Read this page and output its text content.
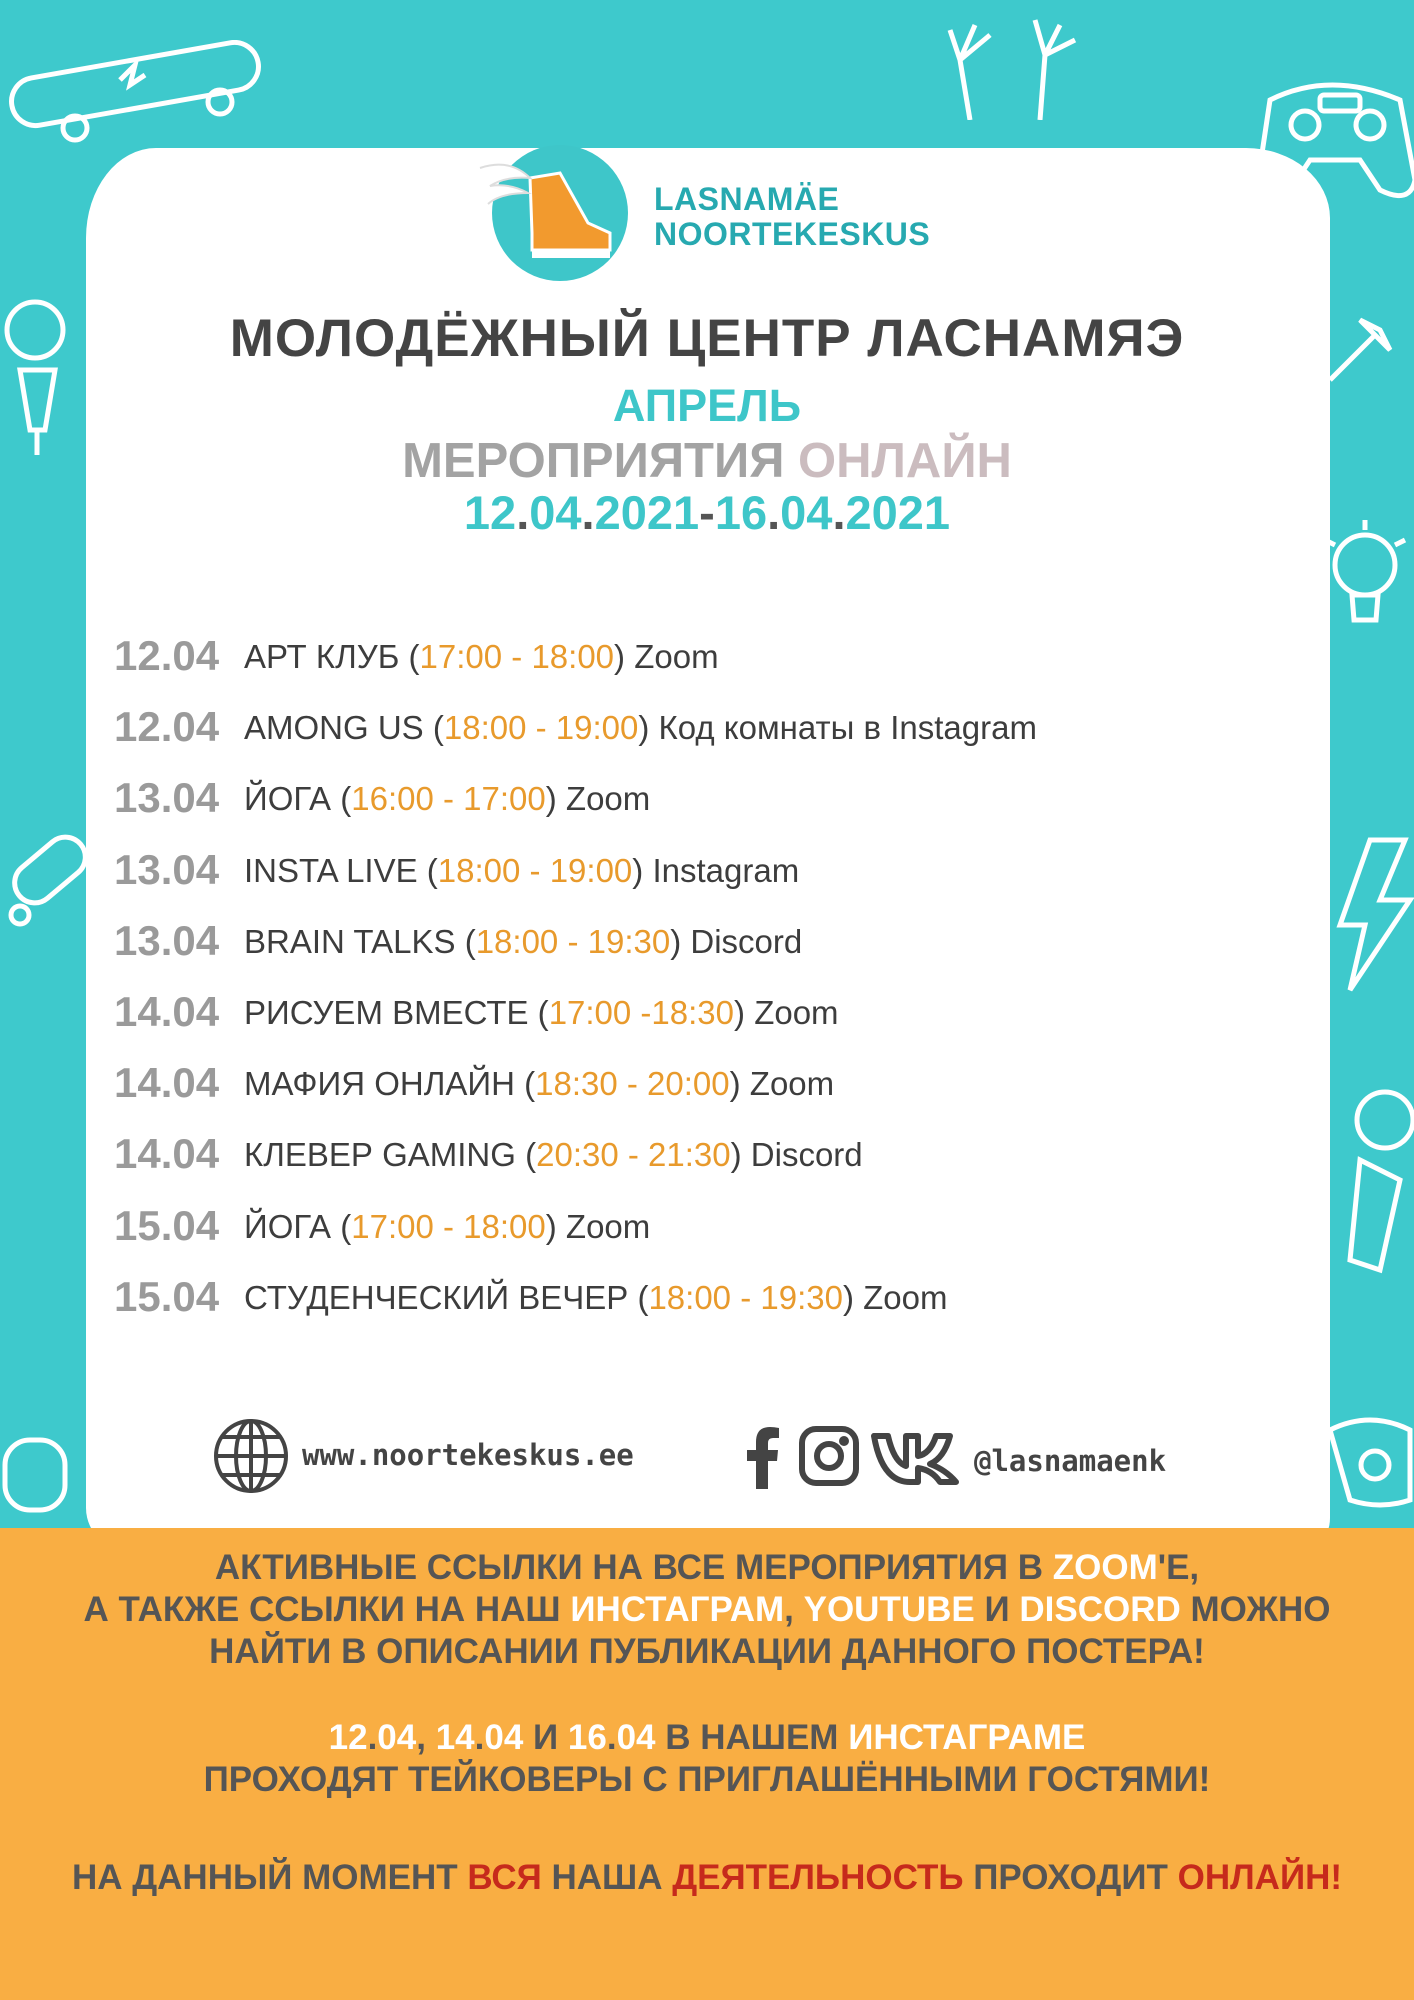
LASNAMÄE
NOORTEKESKUS
МОЛОДЁЖНЫЙ ЦЕНТР ЛАСНАМЯЭ
АПРЕЛЬ
МЕРОПРИЯТИЯ ОНЛАЙН
12.04.2021-16.04.2021
12.04 АРТ КЛУБ (17:00 - 18:00) Zoom
12.04 AMONG US (18:00 - 19:00) Код комнаты в Instagram
13.04 ЙОГА (16:00 - 17:00) Zoom
13.04 INSTA LIVE (18:00 - 19:00) Instagram
13.04 BRAIN TALKS (18:00 - 19:30) Discord
14.04 РИСУЕМ ВМЕСТЕ (17:00 -18:30) Zoom
14.04 МАФИЯ ОНЛАЙН (18:30 - 20:00) Zoom
14.04 КЛЕВЕР GAMING (20:30 - 21:30) Discord
15.04 ЙОГА (17:00 - 18:00) Zoom
15.04 СТУДЕНЧЕСКИЙ ВЕЧЕР (18:00 - 19:30) Zoom
www.noortekeskus.ee	@lasnamaenk
АКТИВНЫЕ ССЫЛКИ НА ВСЕ МЕРОПРИЯТИЯ В ZOOM'Е,
А ТАКЖЕ ССЫЛКИ НА НАШ ИНСТАГРАМ, YOUTUBE И DISCORD МОЖНО
НАЙТИ В ОПИСАНИИ ПУБЛИКАЦИИ ДАННОГО ПОСТЕРА!
12.04, 14.04 И 16.04 В НАШЕМ ИНСТАГРАМЕ
ПРОХОДЯТ ТЕЙКОВЕРЫ С ПРИГЛАШЁННЫМИ ГОСТЯМИ!
НА ДАННЫЙ МОМЕНТ ВСЯ НАША ДЕЯТЕЛЬНОСТЬ ПРОХОДИТ ОНЛАЙН!
